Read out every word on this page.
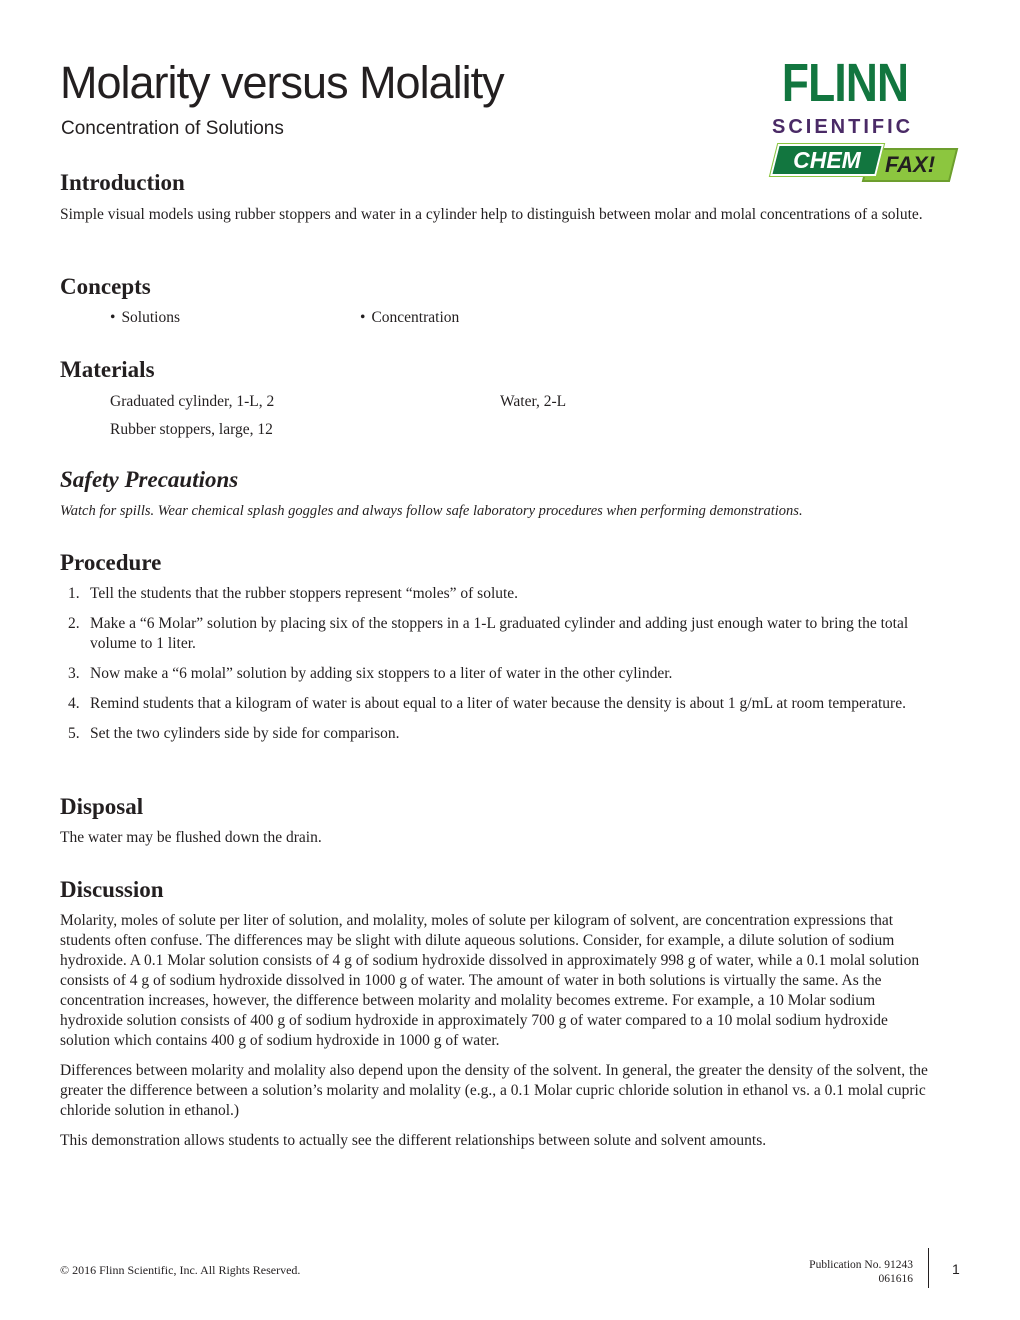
Molarity versus Molality
Concentration of Solutions
FLINN
SCIENTIFIC
FAX!
CHEM
Introduction
Simple visual models using rubber stoppers and water in a cylinder help to distinguish between molar and molal concentrations of a solute.
Concepts
• Solutions	• Concentration
Materials
Graduated cylinder, 1-L, 2	Water, 2-L
Rubber stoppers, large, 12
Safety Precautions
Watch for spills. Wear chemical splash goggles and always follow safe laboratory procedures when performing demonstrations.
Procedure
1. Tell the students that the rubber stoppers represent “moles” of solute.
2. Make a “6 Molar” solution by placing six of the stoppers in a 1-L graduated cylinder and adding just enough water to bring the total volume to 1 liter.
3. Now make a “6 molal” solution by adding six stoppers to a liter of water in the other cylinder.
4. Remind students that a kilogram of water is about equal to a liter of water because the density is about 1 g/mL at room temperature.
5. Set the two cylinders side by side for comparison.
Disposal
The water may be flushed down the drain.
Discussion

Molarity, moles of solute per liter of solution, and molality, moles of solute per kilogram of solvent, are concentration expressions that students often confuse. The differences may be slight with dilute aqueous solutions. Consider, for example, a dilute solution of sodium hydroxide. A 0.1 Molar solution consists of 4 g of sodium hydroxide dissolved in approximately 998 g of water, while a 0.1 molal solution consists of 4 g of sodium hydroxide dissolved in 1000 g of water. The amount of water in both solutions is virtually the same. As the concentration increases, however, the difference between molarity and molality becomes extreme. For example, a 10 Molar sodium hydroxide solution consists of 400 g of sodium hydroxide in approximately 700 g of water compared to a 10 molal sodium hydroxide solution which contains 400 g of sodium hydroxide in 1000 g of water.

Differences between molarity and molality also depend upon the density of the solvent. In general, the greater the density of the solvent, the greater the difference between a solution’s molarity and molality (e.g., a 0.1 Molar cupric chloride solution in ethanol vs. a 0.1 molal cupric chloride solution in ethanol.)

This demonstration allows students to actually see the different relationships between solute and solvent amounts.

© 2016 Flinn Scientific, Inc. All Rights Reserved.	Publication No. 91243
061616
1
